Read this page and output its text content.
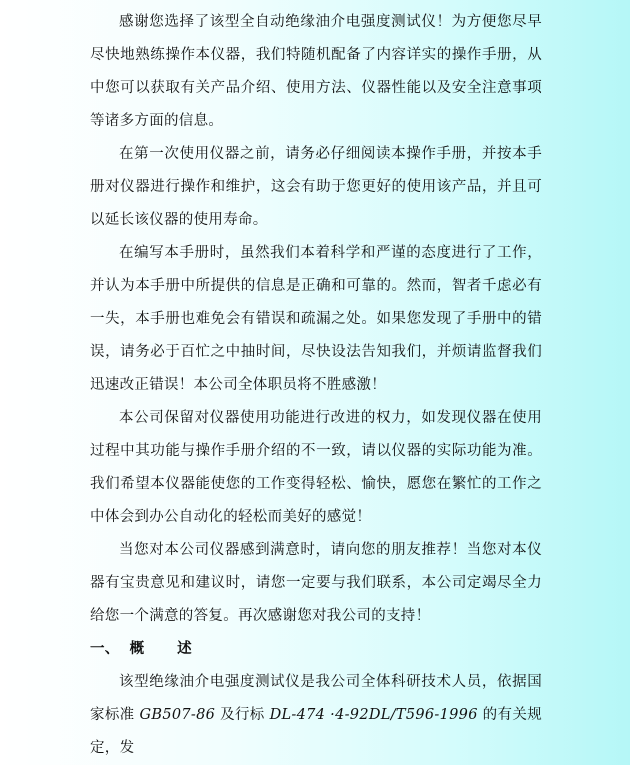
感谢您选择了该型全自动绝缘油介电强度测试仪！为方便您尽早尽快地熟练操作本仪器，我们特随机配备了内容详实的操作手册，从中您可以获取有关产品介绍、使用方法、仪器性能以及安全注意事项等诸多方面的信息。

在第一次使用仪器之前，请务必仔细阅读本操作手册，并按本手册对仪器进行操作和维护，这会有助于您更好的使用该产品，并且可以延长该仪器的使用寿命。

在编写本手册时，虽然我们本着科学和严谨的态度进行了工作，并认为本手册中所提供的信息是正确和可靠的。然而，智者千虑必有一失，本手册也难免会有错误和疏漏之处。如果您发现了手册中的错误，请务必于百忙之中抽时间，尽快设法告知我们，并烦请监督我们迅速改正错误！本公司全体职员将不胜感激！

本公司保留对仪器使用功能进行改进的权力，如发现仪器在使用过程中其功能与操作手册介绍的不一致，请以仪器的实际功能为准。我们希望本仪器能使您的工作变得轻松、愉快，愿您在繁忙的工作之中体会到办公自动化的轻松而美好的感觉！

当您对本公司仪器感到满意时，请向您的朋友推荐！当您对本仪器有宝贵意见和建议时，请您一定要与我们联系，本公司定竭尽全力给您一个满意的答复。再次感谢您对我公司的支持！

一、 概 述

该型绝缘油介电强度测试仪是我公司全体科研技术人员，依据国家标准 GB507-86 及行标 DL-474 ·4-92DL/T596-1996 的有关规定，发
